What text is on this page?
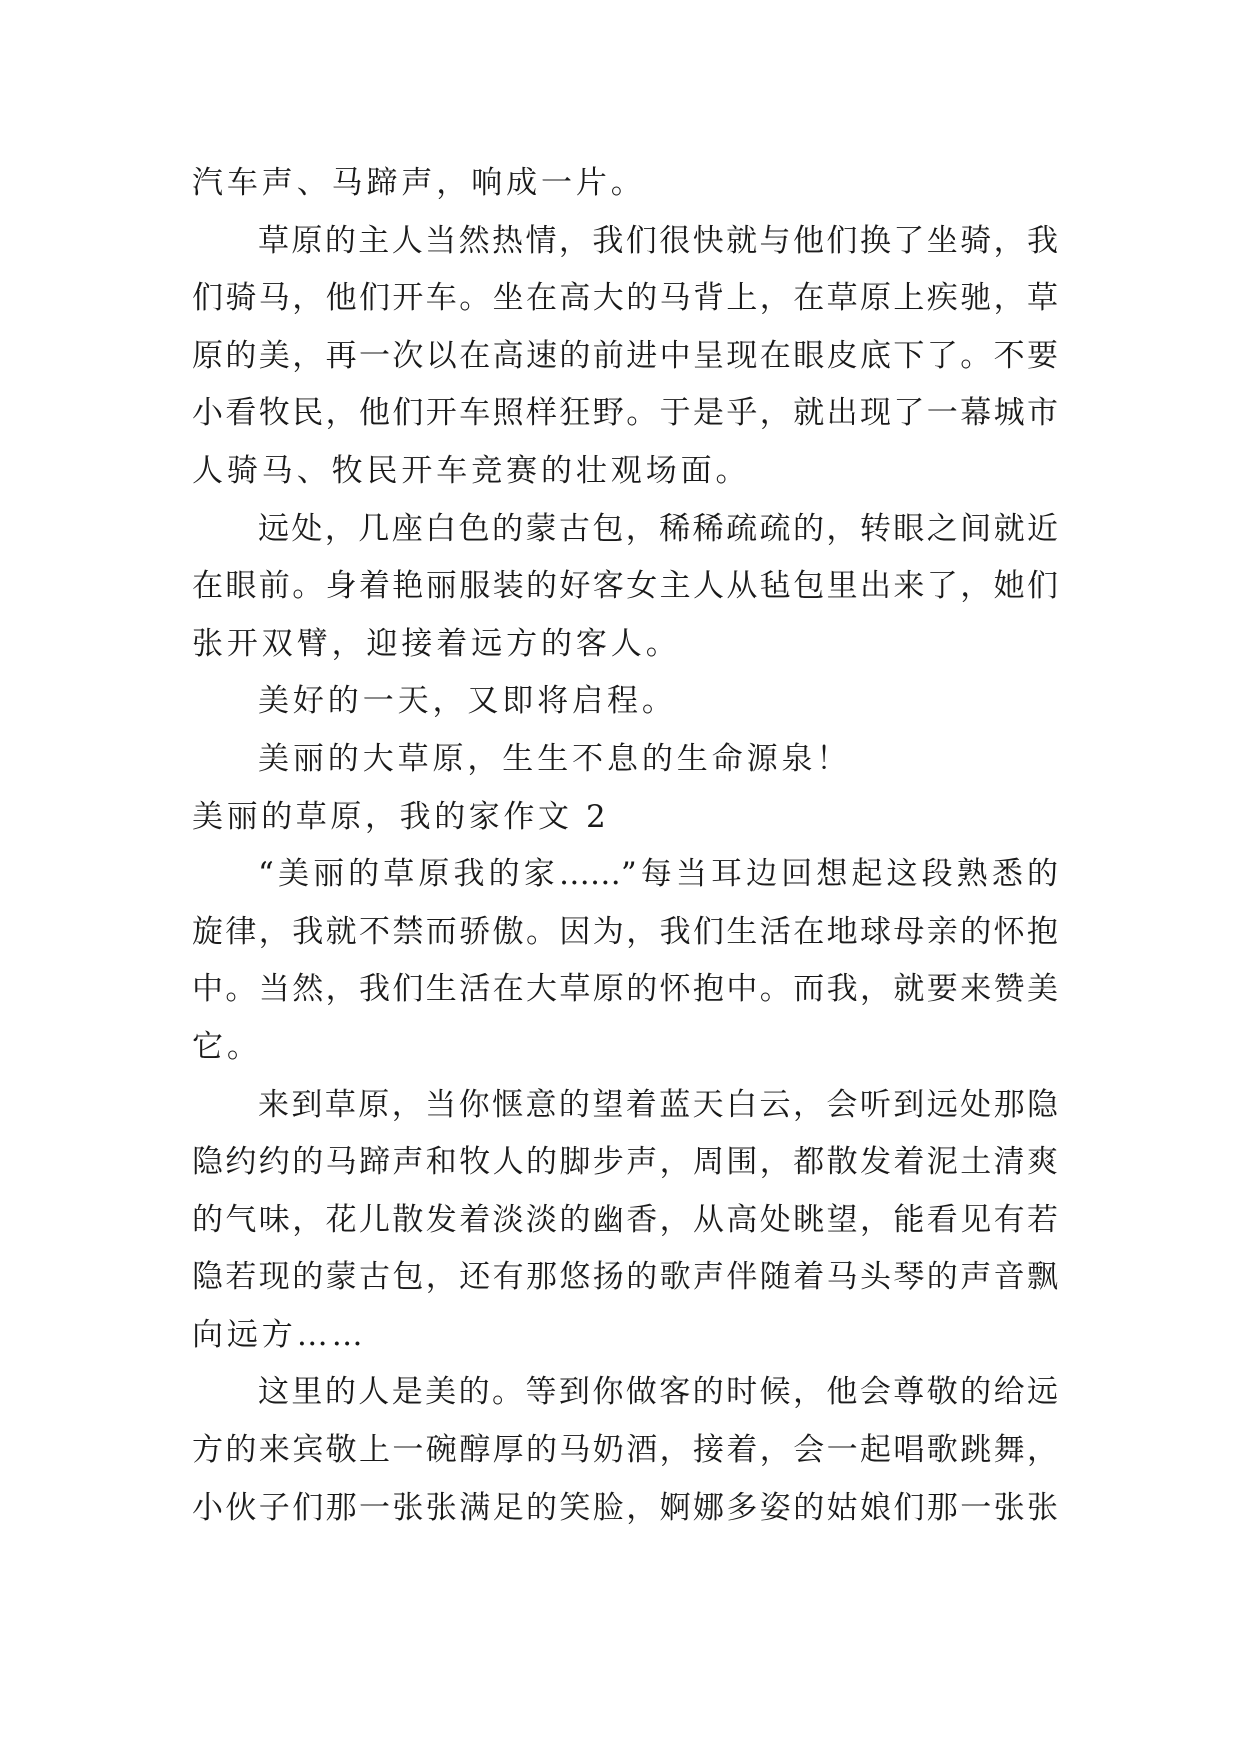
汽车声、马蹄声，响成一片。
草原的主人当然热情，我们很快就与他们换了坐骑，我
们骑马，他们开车。坐在高大的马背上，在草原上疾驰，草
原的美，再一次以在高速的前进中呈现在眼皮底下了。不要
小看牧民，他们开车照样狂野。于是乎，就出现了一幕城市
人骑马、牧民开车竞赛的壮观场面。
远处，几座白色的蒙古包，稀稀疏疏的，转眼之间就近
在眼前。身着艳丽服装的好客女主人从毡包里出来了，她们
张开双臂，迎接着远方的客人。
美好的一天，又即将启程。
美丽的大草原，生生不息的生命源泉！
美丽的草原，我的家作文 2
“美丽的草原我的家……”每当耳边回想起这段熟悉的
旋律，我就不禁而骄傲。因为，我们生活在地球母亲的怀抱
中。当然，我们生活在大草原的怀抱中。而我，就要来赞美
它。
来到草原，当你惬意的望着蓝天白云，会听到远处那隐
隐约约的马蹄声和牧人的脚步声，周围，都散发着泥土清爽
的气味，花儿散发着淡淡的幽香，从高处眺望，能看见有若
隐若现的蒙古包，还有那悠扬的歌声伴随着马头琴的声音飘
向远方……
这里的人是美的。等到你做客的时候，他会尊敬的给远
方的来宾敬上一碗醇厚的马奶酒，接着，会一起唱歌跳舞，
小伙子们那一张张满足的笑脸，婀娜多姿的姑娘们那一张张
